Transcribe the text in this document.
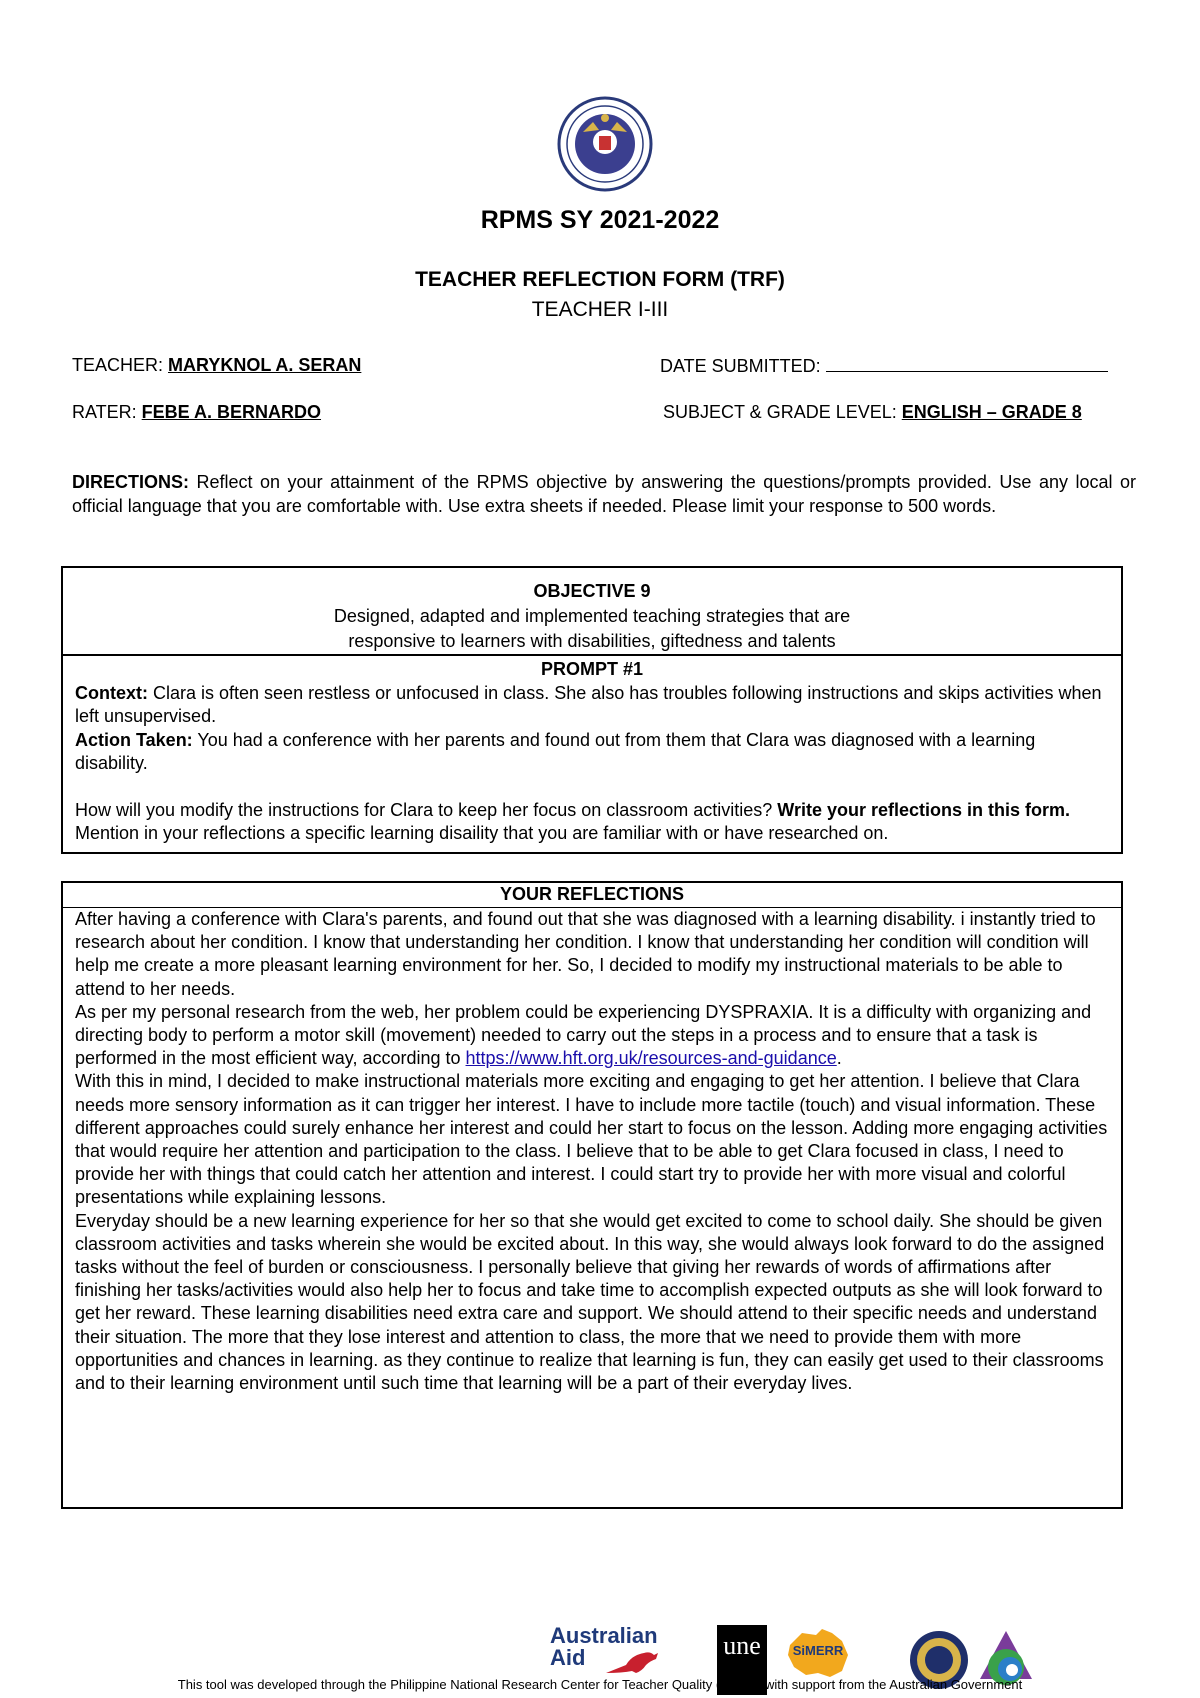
RPMS SY 2021-2022
TEACHER REFLECTION FORM (TRF)
TEACHER I-III
TEACHER: MARYKNOL A. SERAN	DATE SUBMITTED:
RATER: FEBE A. BERNARDO	SUBJECT & GRADE LEVEL: ENGLISH – GRADE 8
DIRECTIONS: Reflect on your attainment of the RPMS objective by answering the questions/prompts provided. Use any local or official language that you are comfortable with. Use extra sheets if needed. Please limit your response to 500 words.
OBJECTIVE 9
Designed, adapted and implemented teaching strategies that are
responsive to learners with disabilities, giftedness and talents
PROMPT #1
Context: Clara is often seen restless or unfocused in class. She also has troubles following instructions and skips activities when left unsupervised.
Action Taken: You had a conference with her parents and found out from them that Clara was diagnosed with a learning disability.
How will you modify the instructions for Clara to keep her focus on classroom activities? Write your reflections in this form. Mention in your reflections a specific learning disaility that you are familiar with or have researched on.
YOUR REFLECTIONS

After having a conference with Clara's parents, and found out that she was diagnosed with a learning disability. i instantly tried to research about her condition. I know that understanding her condition. I know that understanding her condition will condition will help me create a more pleasant learning environment for her. So, I decided to modify my instructional materials to be able to attend to her needs.

As per my personal research from the web, her problem could be experiencing DYSPRAXIA. It is a difficulty with organizing and directing body to perform a motor skill (movement) needed to carry out the steps in a process and to ensure that a task is performed in the most efficient way, according to https://www.hft.org.uk/resources-and-guidance.

With this in mind, I decided to make instructional materials more exciting and engaging to get her attention. I believe that Clara needs more sensory information as it can trigger her interest. I have to include more tactile (touch) and visual information. These different approaches could surely enhance her interest and could her start to focus on the lesson. Adding more engaging activities that would require her attention and participation to the class. I believe that to be able to get Clara focused in class, I need to provide her with things that could catch her attention and interest. I could start try to provide her with more visual and colorful presentations while explaining lessons.

Everyday should be a new learning experience for her so that she would get excited to come to school daily. She should be given classroom activities and tasks wherein she would be excited about. In this way, she would always look forward to do the assigned tasks without the feel of burden or consciousness. I personally believe that giving her rewards of words of affirmations after finishing her tasks/activities would also help her to focus and take time to accomplish expected outputs as she will look forward to get her reward. These learning disabilities need extra care and support. We should attend to their specific needs and understand their situation. The more that they lose interest and attention to class, the more that we need to provide them with more opportunities and chances in learning. as they continue to realize that learning is fun, they can easily get used to their classrooms and to their learning environment until such time that learning will be a part of their everyday lives.

Australian
Aid	une	SiMERR
This tool was developed through the Philippine National Research Center for Teacher Quality (RCTQ) with support from the Australian Government
